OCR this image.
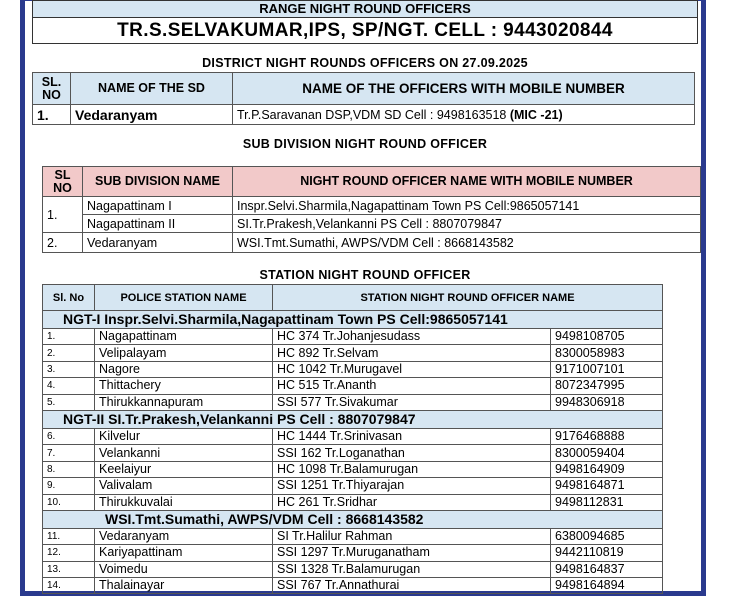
RANGE NIGHT ROUND OFFICERS
TR.S.SELVAKUMAR,IPS, SP/NGT. CELL : 9443020844
DISTRICT NIGHT ROUNDS OFFICERS ON 27.09.2025
SL. NO	NAME OF THE SD	NAME OF THE OFFICERS WITH MOBILE NUMBER
1.	Vedaranyam	Tr.P.Saravanan DSP,VDM SD Cell : 9498163518 (MIC -21)
SUB DIVISION NIGHT ROUND OFFICER
SL NO	SUB DIVISION NAME	NIGHT ROUND OFFICER NAME WITH MOBILE NUMBER
1.	Nagapattinam I	Inspr.Selvi.Sharmila,Nagapattinam Town PS Cell:9865057141
	Nagapattinam II	SI.Tr.Prakesh,Velankanni PS Cell : 8807079847
2.	Vedaranyam	WSI.Tmt.Sumathi, AWPS/VDM Cell : 8668143582
STATION NIGHT ROUND OFFICER
Sl. No	POLICE STATION NAME	STATION NIGHT ROUND OFFICER NAME	
NGT-I Inspr.Selvi.Sharmila,Nagapattinam Town PS Cell:9865057141			
1.	Nagapattinam	HC 374 Tr.Johanjesudass	9498108705
2.	Velipalayam	HC 892 Tr.Selvam	8300058983
3.	Nagore	HC 1042 Tr.Murugavel	9171007101
4.	Thittachery	HC 515 Tr.Ananth	8072347995
5.	Thirukkannapuram	SSI 577 Tr.Sivakumar	9948306918
NGT-II SI.Tr.Prakesh,Velankanni PS Cell : 8807079847			
6.	Kilvelur	HC 1444 Tr.Srinivasan	9176468888
7.	Velankanni	SSI 162 Tr.Loganathan	8300059404
8.	Keelaiyur	HC 1098 Tr.Balamurugan	9498164909
9.	Valivalam	SSI 1251 Tr.Thiyarajan	9498164871
10.	Thirukkuvalai	HC 261 Tr.Sridhar	9498112831
WSI.Tmt.Sumathi, AWPS/VDM Cell : 8668143582			
11.	Vedaranyam	SI Tr.Halilur Rahman	6380094685
12.	Kariyapattinam	SSI 1297 Tr.Muruganatham	9442110819
13.	Voimedu	SSI 1328 Tr.Balamurugan	9498164837
14.	Thalainayar	SSI 767 Tr.Annathurai	9498164894
